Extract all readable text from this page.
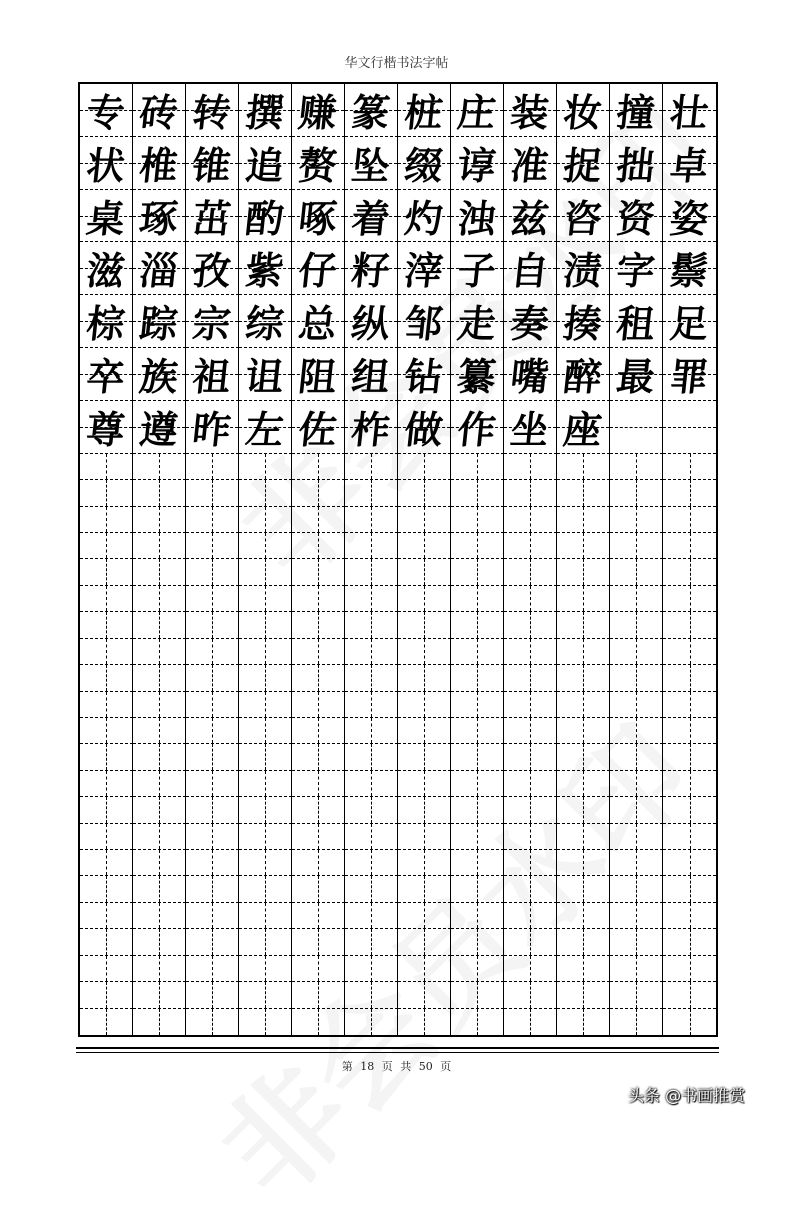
华文行楷书法字帖
专 砖 转 撰 赚 篆 桩 庄 装 妆 撞 壮
状 椎 锥 追 赘 坠 缀 谆 准 捉 拙 卓
桌 琢 茁 酌 啄 着 灼 浊 兹 咨 资 姿
滋 淄 孜 紫 仔 籽 滓 子 自 渍 字 鬃
棕 踪 宗 综 总 纵 邹 走 奏 揍 租 足
卒 族 祖 诅 阻 组 钻 纂 嘴 醉 最 罪
尊 遵 昨 左 佐 柞 做 作 坐 座
第 18 页 共 50 页
头条 @书画推赏
